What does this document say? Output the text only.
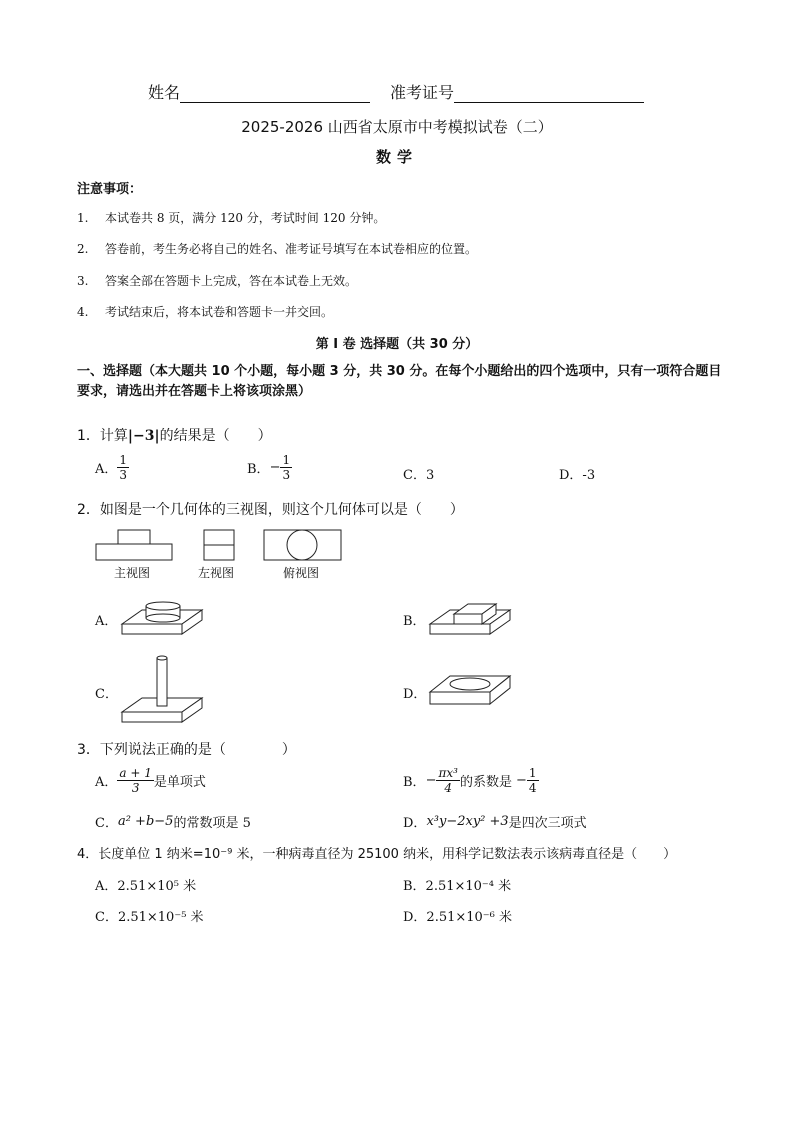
姓名	准考证号
2025-2026 山西省太原市中考模拟试卷（二）
数学
注意事项：
1. 本试卷共 8 页，满分 120 分，考试时间 120 分钟。
2. 答卷前，考生务必将自己的姓名、准考证号填写在本试卷相应的位置。
3. 答案全部在答题卡上完成，答在本试卷上无效。
4. 考试结束后，将本试卷和答题卡一并交回。
第 I 卷 选择题（共 30 分）
一、选择题（本大题共 10 个小题，每小题 3 分，共 30 分。在每个小题给出的四个选项中，只有一项符合题目要求，请选出并在答题卡上将该项涂黑）
1．计算|−3|的结果是（　　）
A． $\frac{1}{3}$	B． − $\frac{1}{3}$	C．3	D．-3
2．如图是一个几何体的三视图，则这个几何体可以是（　　）
主视图	左视图	俯视图
A．	B．
C．	D．
3．下列说法正确的是（　　　　）
A． $\frac{a + 1}{3}$ 是单项式	B． − $\frac{\text{πx³}}{4}$ 的系数是 − $\frac{1}{4}$
C． a² +b−5 的常数项是 5	D． x³y−2xy² +3 是四次三项式
4．长度单位 1 纳米=10⁻⁹ 米，一种病毒直径为 25100 纳米，用科学记数法表示该病毒直径是（　　）
A．2.51×10⁵ 米	B．2.51×10⁻⁴ 米
C．2.51×10⁻⁵ 米	D．2.51×10⁻⁶ 米
